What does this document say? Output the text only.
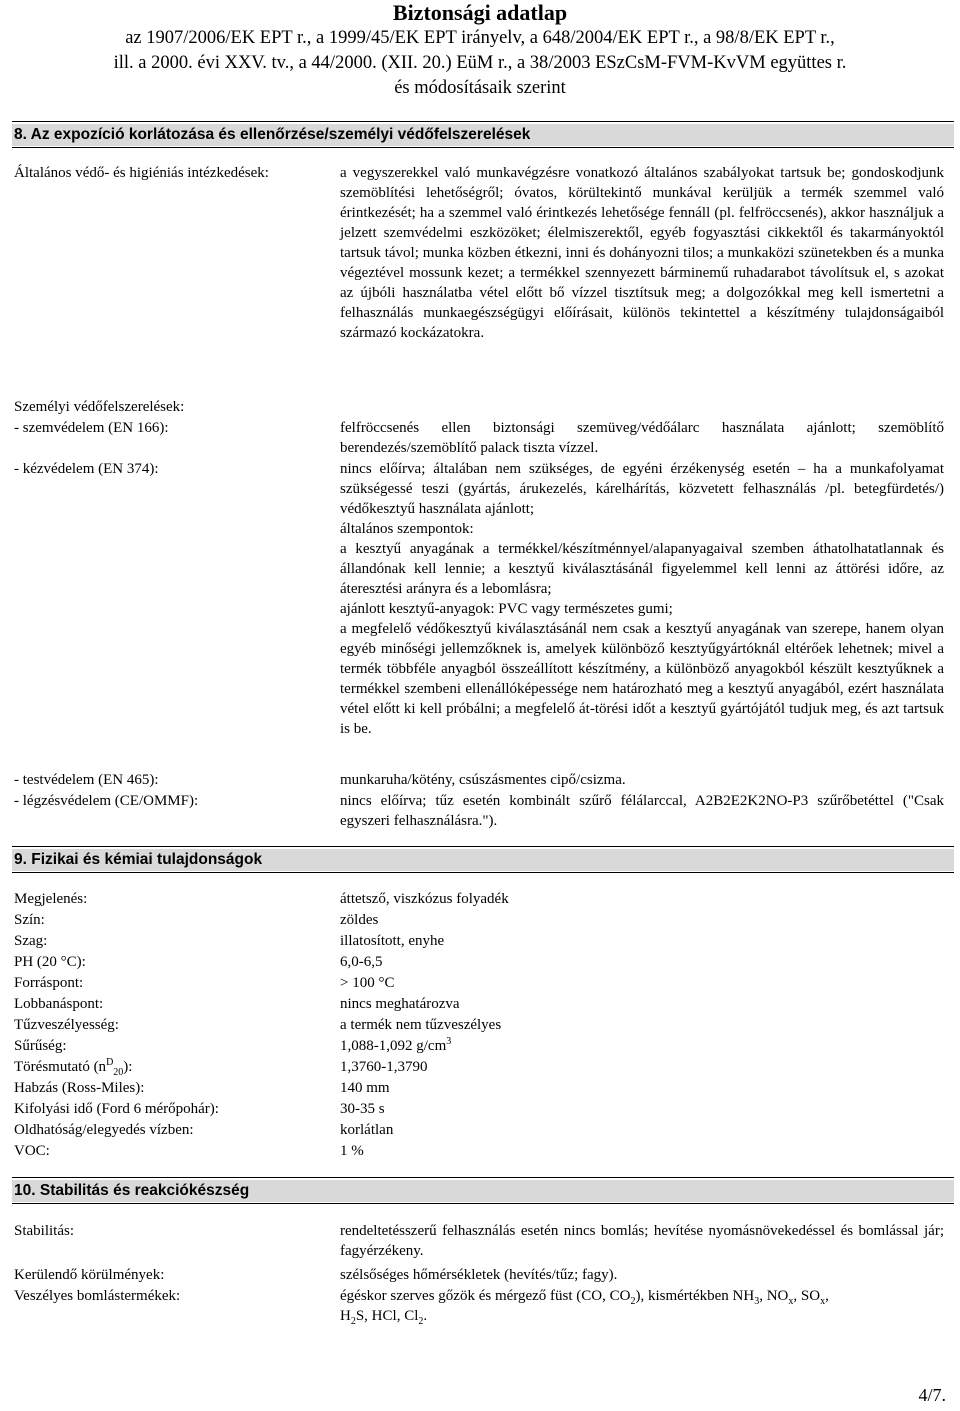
Biztonsági adatlap
az 1907/2006/EK EPT r., a 1999/45/EK EPT irányelv, a 648/2004/EK EPT r., a 98/8/EK EPT r.,
ill. a 2000. évi XXV. tv., a 44/2000. (XII. 20.) EüM r., a 38/2003 ESzCsM-FVM-KvVM együttes r.
és módosításaik szerint
8. Az expozíció korlátozása és ellenőrzése/személyi védőfelszerelések
Általános védő- és higiéniás intézkedések:	a vegyszerekkel való munkavégzésre vonatkozó általános szabályokat tartsuk be; gondoskodjunk szemöblítési lehetőségről; óvatos, körültekintő munkával kerüljük a termék szemmel való érintkezését; ha a szemmel való érintkezés lehetősége fennáll (pl. felfröccsenés), akkor használjuk a jelzett szemvédelmi eszközöket; élelmiszerektől, egyéb fogyasztási cikkektől és takarmányoktól tartsuk távol; munka közben étkezni, inni és dohányozni tilos; a munkaközi szünetekben és a munka végeztével mossunk kezet; a termékkel szennyezett bárminemű ruhadarabot távolítsuk el, s azokat az újbóli használatba vétel előtt bő vízzel tisztítsuk meg; a dolgozókkal meg kell ismertetni a felhasználás munkaegészségügyi előírásait, különös tekintettel a készítmény tulajdonságaiból származó kockázatokra.
Személyi védőfelszerelések:
- szemvédelem (EN 166):	felfröccsenés ellen biztonsági szemüveg/védőálarc használata ajánlott; szemöblítő berendezés/szemöblítő palack tiszta vízzel.
- kézvédelem (EN 374):	nincs előírva; általában nem szükséges, de egyéni érzékenység esetén – ha a munkafolyamat szükségessé teszi (gyártás, árukezelés, kárelhárítás, közvetett felhasználás /pl. betegfürdetés/) védőkesztyű használata ajánlott;

általános szempontok:

a kesztyű anyagának a termékkel/készítménnyel/alapanyagaival szemben áthatolhatatlannak és állandónak kell lennie; a kesztyű kiválasztásánál figyelemmel kell lenni az áttörési időre, az áteresztési arányra és a lebomlásra;

ajánlott kesztyű-anyagok: PVC vagy természetes gumi;

a megfelelő védőkesztyű kiválasztásánál nem csak a kesztyű anyagának van szerepe, hanem olyan egyéb minőségi jellemzőknek is, amelyek különböző kesztyűgyártóknál eltérőek lehetnek; mivel a termék többféle anyagból összeállított készítmény, a különböző anyagokból készült kesztyűknek a termékkel szembeni ellenállóképessége nem határozható meg a kesztyű anyagából, ezért használata vétel előtt ki kell próbálni; a megfelelő át-törési időt a kesztyű gyártójától tudjuk meg, és azt tartsuk is be.

- testvédelem (EN 465):	munkaruha/kötény, csúszásmentes cipő/csizma.
- légzésvédelem (CE/OMMF):	nincs előírva; tűz esetén kombinált szűrő félálarccal, A2B2E2K2NO-P3 szűrőbetéttel ("Csak egyszeri felhasználásra.").
9. Fizikai és kémiai tulajdonságok
Megjelenés:	áttetsző, viszkózus folyadék
Szín:	zöldes
Szag:	illatosított, enyhe
PH (20 °C):	6,0-6,5
Forráspont:	> 100 °C
Lobbanáspont:	nincs meghatározva
Tűzveszélyesség:	a termék nem tűzveszélyes
Sűrűség:	1,088-1,092 $g/cm^3$
Törésmutató $(n^D_{20})$:	1,3760-1,3790
Habzás (Ross-Miles):	140 mm
Kifolyási idő (Ford 6 mérőpohár):	30-35 s
Oldhatóság/elegyedés vízben:	korlátlan
VOC:	1 %
10. Stabilitás és reakciókészség
Stabilitás:	rendeltetésszerű felhasználás esetén nincs bomlás; hevítése nyomásnövekedéssel és bomlással jár; fagyérzékeny.
Kerülendő körülmények:	szélsőséges hőmérsékletek (hevítés/tűz; fagy).
Veszélyes bomlástermékek:	égéskor szerves gőzök és mérgező füst (CO, $CO_2$), kismértékben $NH_3$, $NO_x$, $SO_x$,
$H_2S$, HCl, $Cl_2$.
4/7.
